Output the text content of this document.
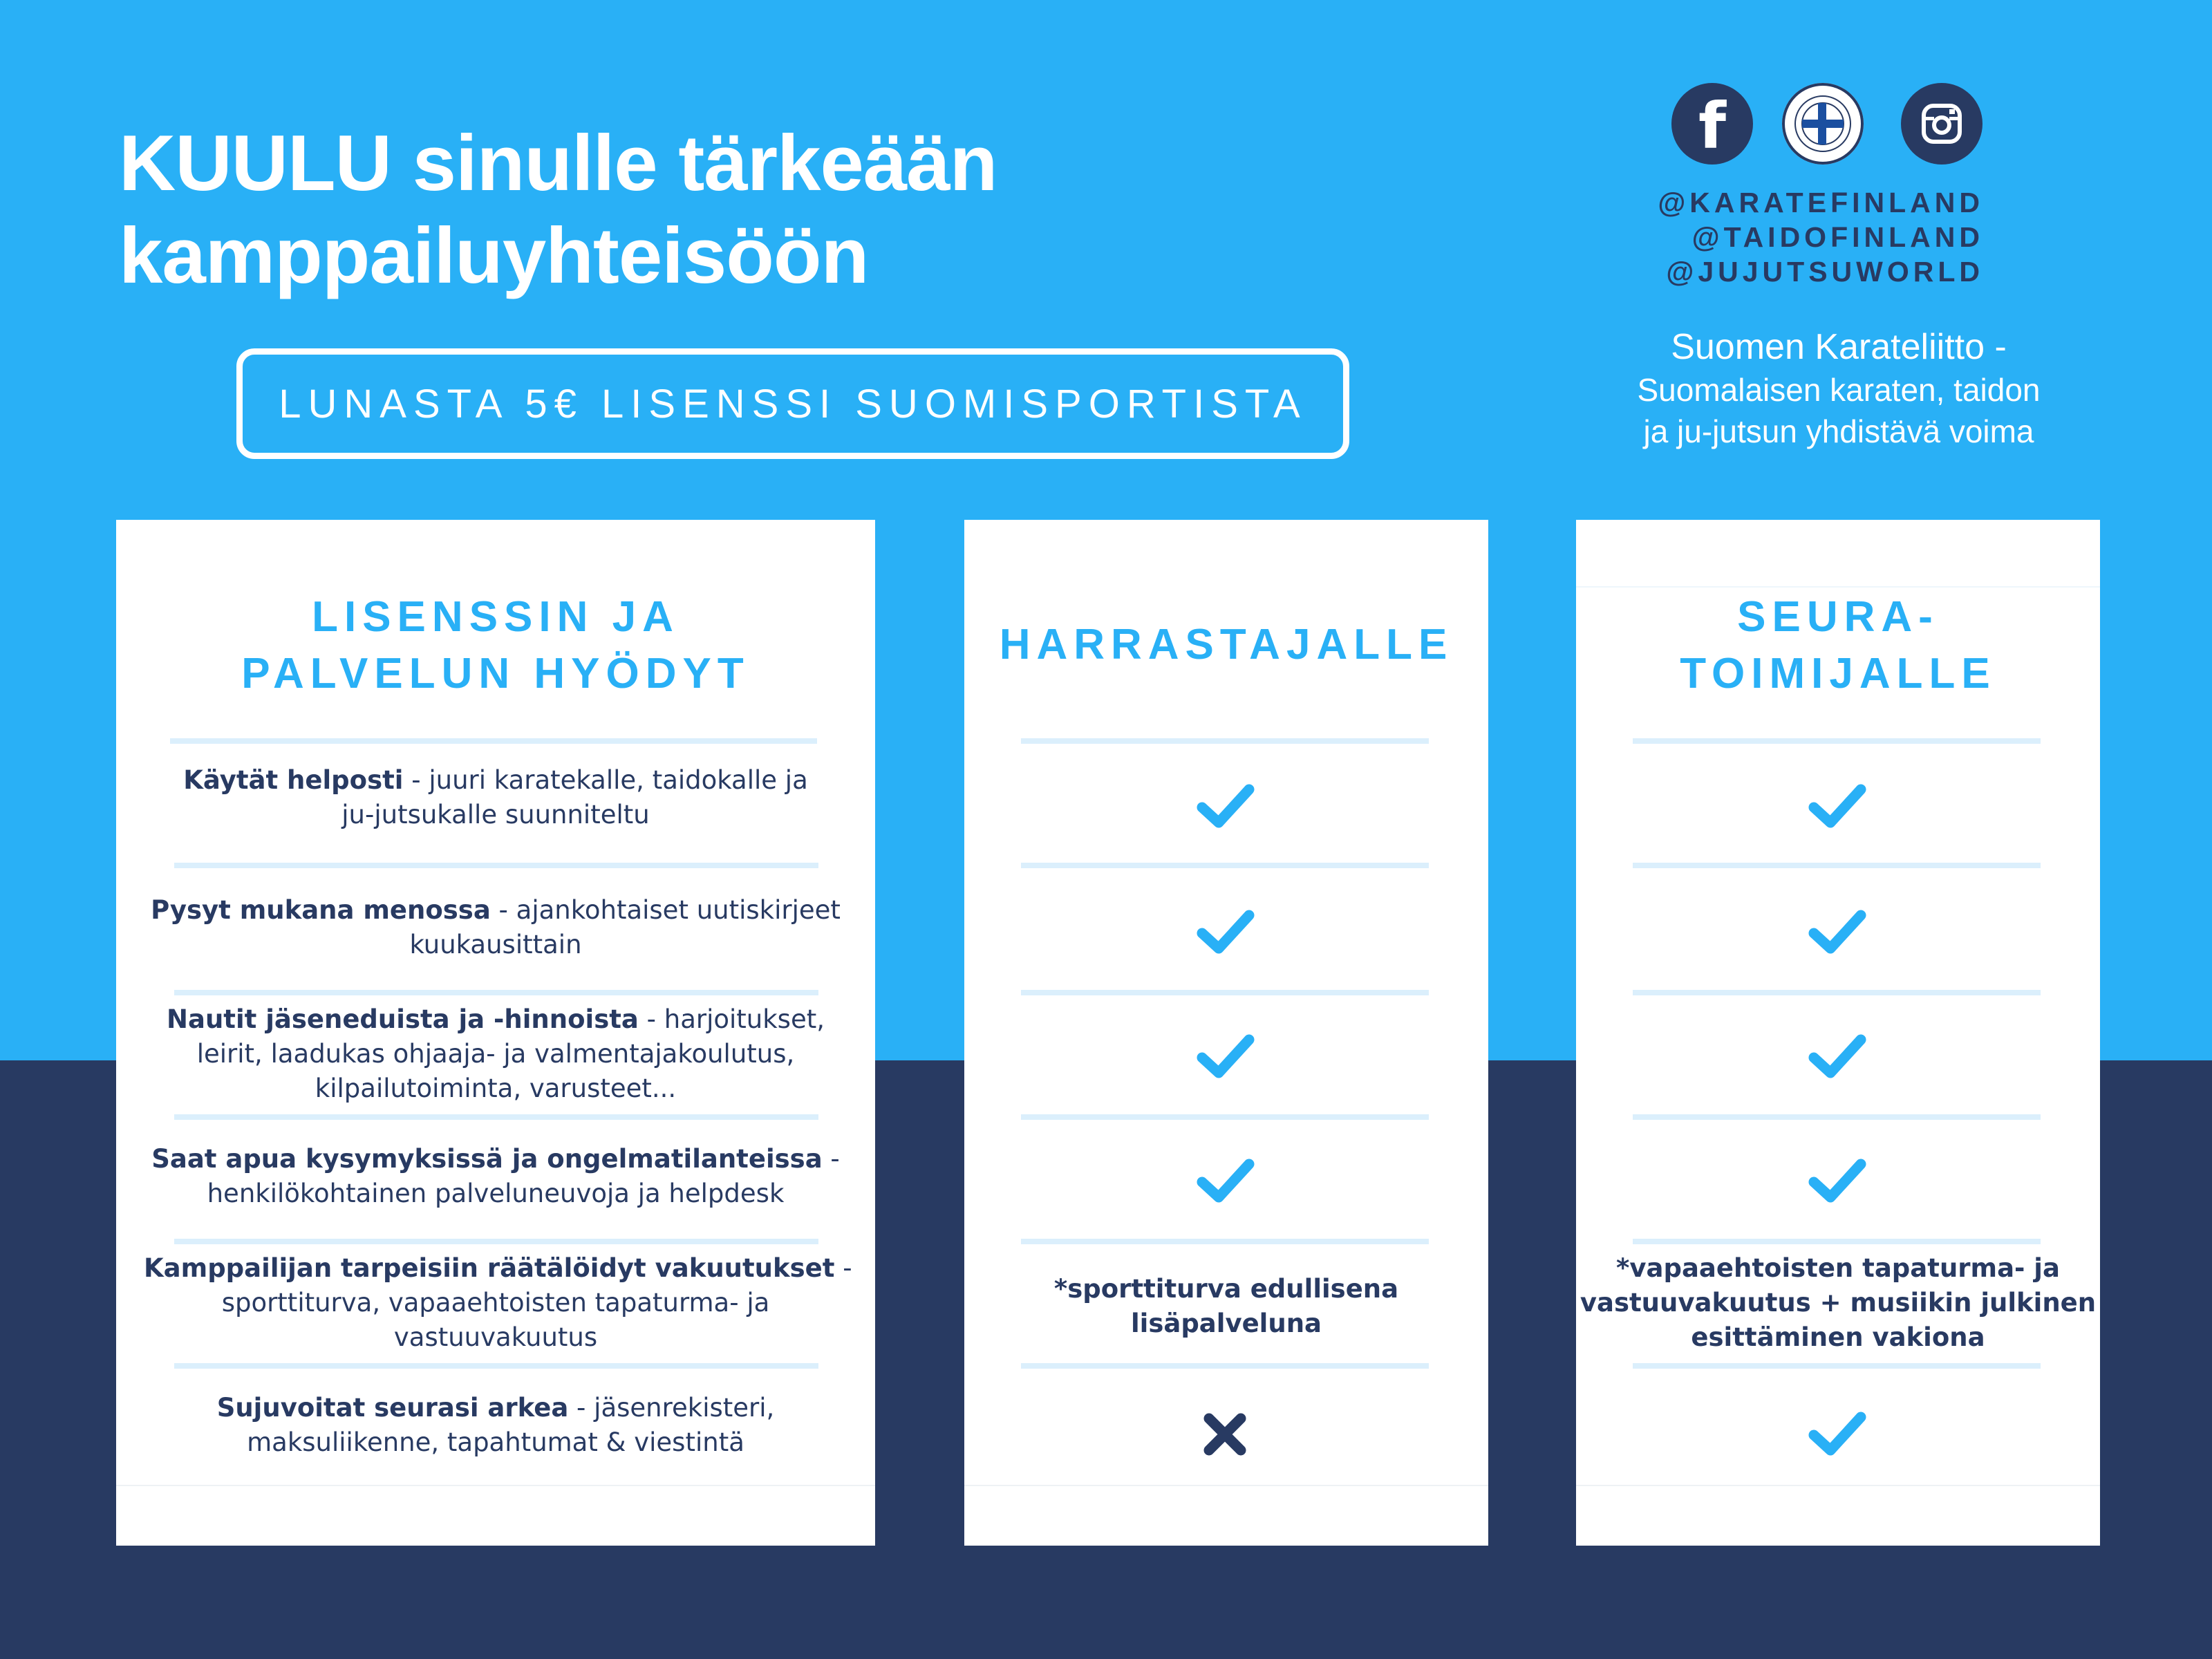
KUULU sinulle tärkeään
kamppailuyhteisöön
LUNASTA 5€ LISENSSI SUOMISPORTISTA
f
@KARATEFINLAND
@TAIDOFINLAND
@JUJUTSUWORLD
Suomen Karateliitto -
Suomalaisen karaten, taidon
ja ju-jutsun yhdistävä voima
LISENSSIN JA
PALVELUN HYÖDYT
Käytät helposti - juuri karatekalle, taidokalle ja
ju-jutsukalle suunniteltu
Pysyt mukana menossa - ajankohtaiset uutiskirjeet
kuukausittain
Nautit jäseneduista ja -hinnoista - harjoitukset,
leirit, laadukas ohjaaja- ja valmentajakoulutus,
kilpailutoiminta, varusteet...
Saat apua kysymyksissä ja ongelmatilanteissa -
henkilökohtainen palveluneuvoja ja helpdesk
Kamppailijan tarpeisiin räätälöidyt vakuutukset -
sporttiturva, vapaaehtoisten tapaturma- ja
vastuuvakuutus
Sujuvoitat seurasi arkea - jäsenrekisteri,
maksuliikenne, tapahtumat & viestintä
HARRASTAJALLE
*sporttiturva edullisena
lisäpalveluna
SEURA-
TOIMIJALLE
*vapaaehtoisten tapaturma- ja
vastuuvakuutus + musiikin julkinen
esittäminen vakiona
